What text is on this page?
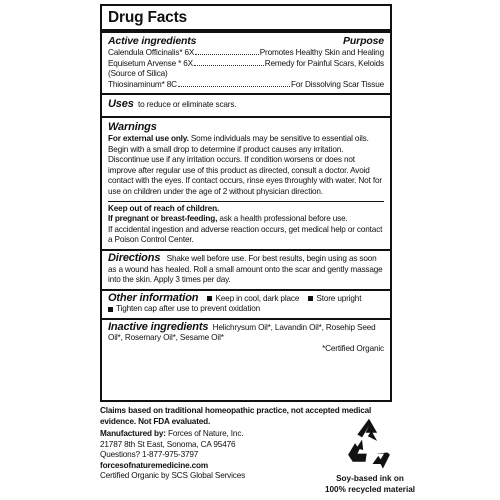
Drug Facts
Active ingredients	Purpose
Calendula Officinalis* 6X	Promotes Healthy Skin and Healing
Equisetum Arvense * 6X	Remedy for Painful Scars, Keloids
(Source of Silica)
Thiosinaminum* 8C	For Dissolving Scar Tissue
Uses to reduce or eliminate scars.
Warnings
For external use only. Some individuals may be sensitive to essential oils. Begin with a small drop to determine if product causes any irritation. Discontinue use if any irritation occurs. If condition worsens or does not improve after regular use of this product as directed, consult a doctor. Avoid contact with the eyes. If contact occurs, rinse eyes throughly with water. Not for use on children under the age of 2 without physician direction.
Keep out of reach of children.
If pregnant or breast-feeding, ask a health professional before use.
If accidental ingestion and adverse reaction occurs, get medical help or contact a Poison Control Center.
Directions Shake well before use. For best results, begin using as soon as a wound has healed. Roll a small amount onto the scar and gently massage into the skin. Apply 3 times per day.
Other information Keep in cool, dark place Store upright
Tighten cap after use to prevent oxidation
Inactive ingredients Helichrysum Oil*, Lavandin Oil*, Rosehip Seed Oil*, Rosemary Oil*, Sesame Oil*
*Certified Organic
Claims based on traditional homeopathic practice, not accepted medical evidence. Not FDA evaluated.
Manufactured by: Forces of Nature, Inc.
21787 8th St East, Sonoma, CA 95476
Questions? 1-877-975-3797
forcesofnaturemedicine.com
Certified Organic by SCS Global Services	Soy-based ink on
100% recycled material
